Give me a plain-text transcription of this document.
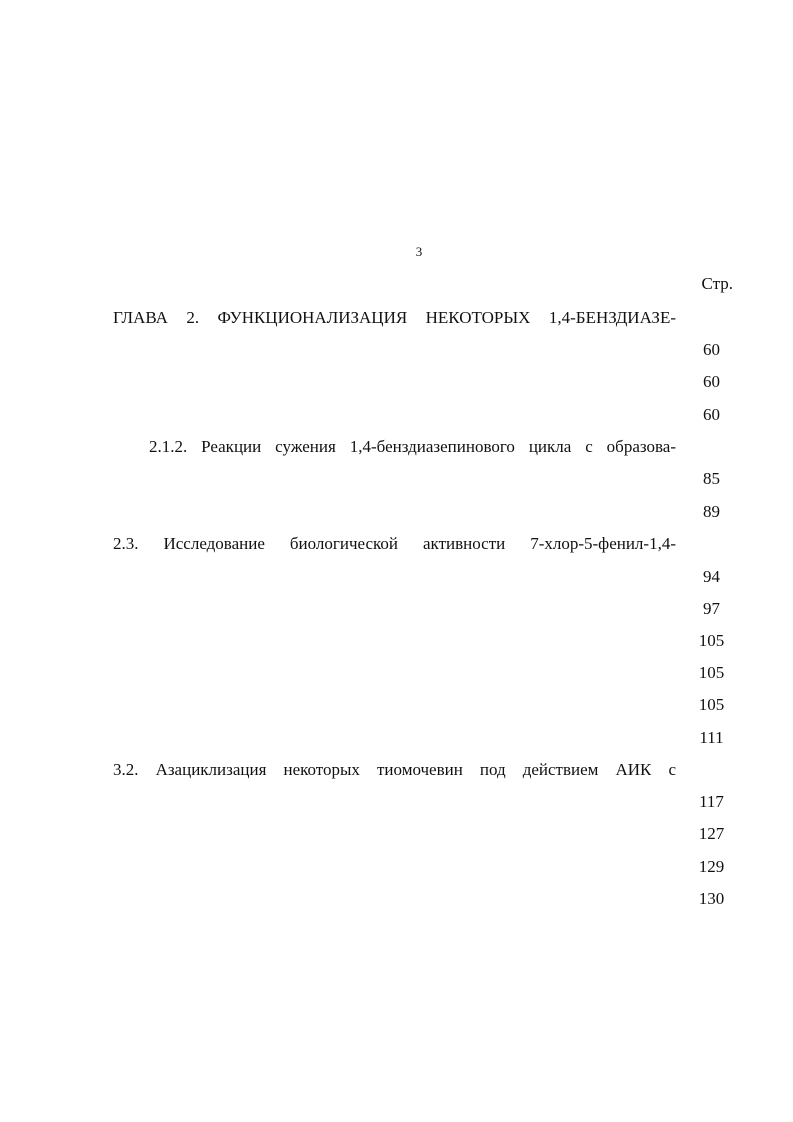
3
Стр.
ГЛАВА 2. ФУНКЦИОНАЛИЗАЦИЯ НЕКОТОРЫХ 1,4-БЕНЗДИАЗЕ-
60
60
60
2.1.2. Реакции сужения 1,4-бенздиазепинового цикла с образова-
85
89
2.3. Исследование биологической активности 7-хлор-5-фенил-1,4-
94
97
105
105
105
111
3.2. Азациклизация некоторых тиомочевин под действием АИК с
117
127
129
130
